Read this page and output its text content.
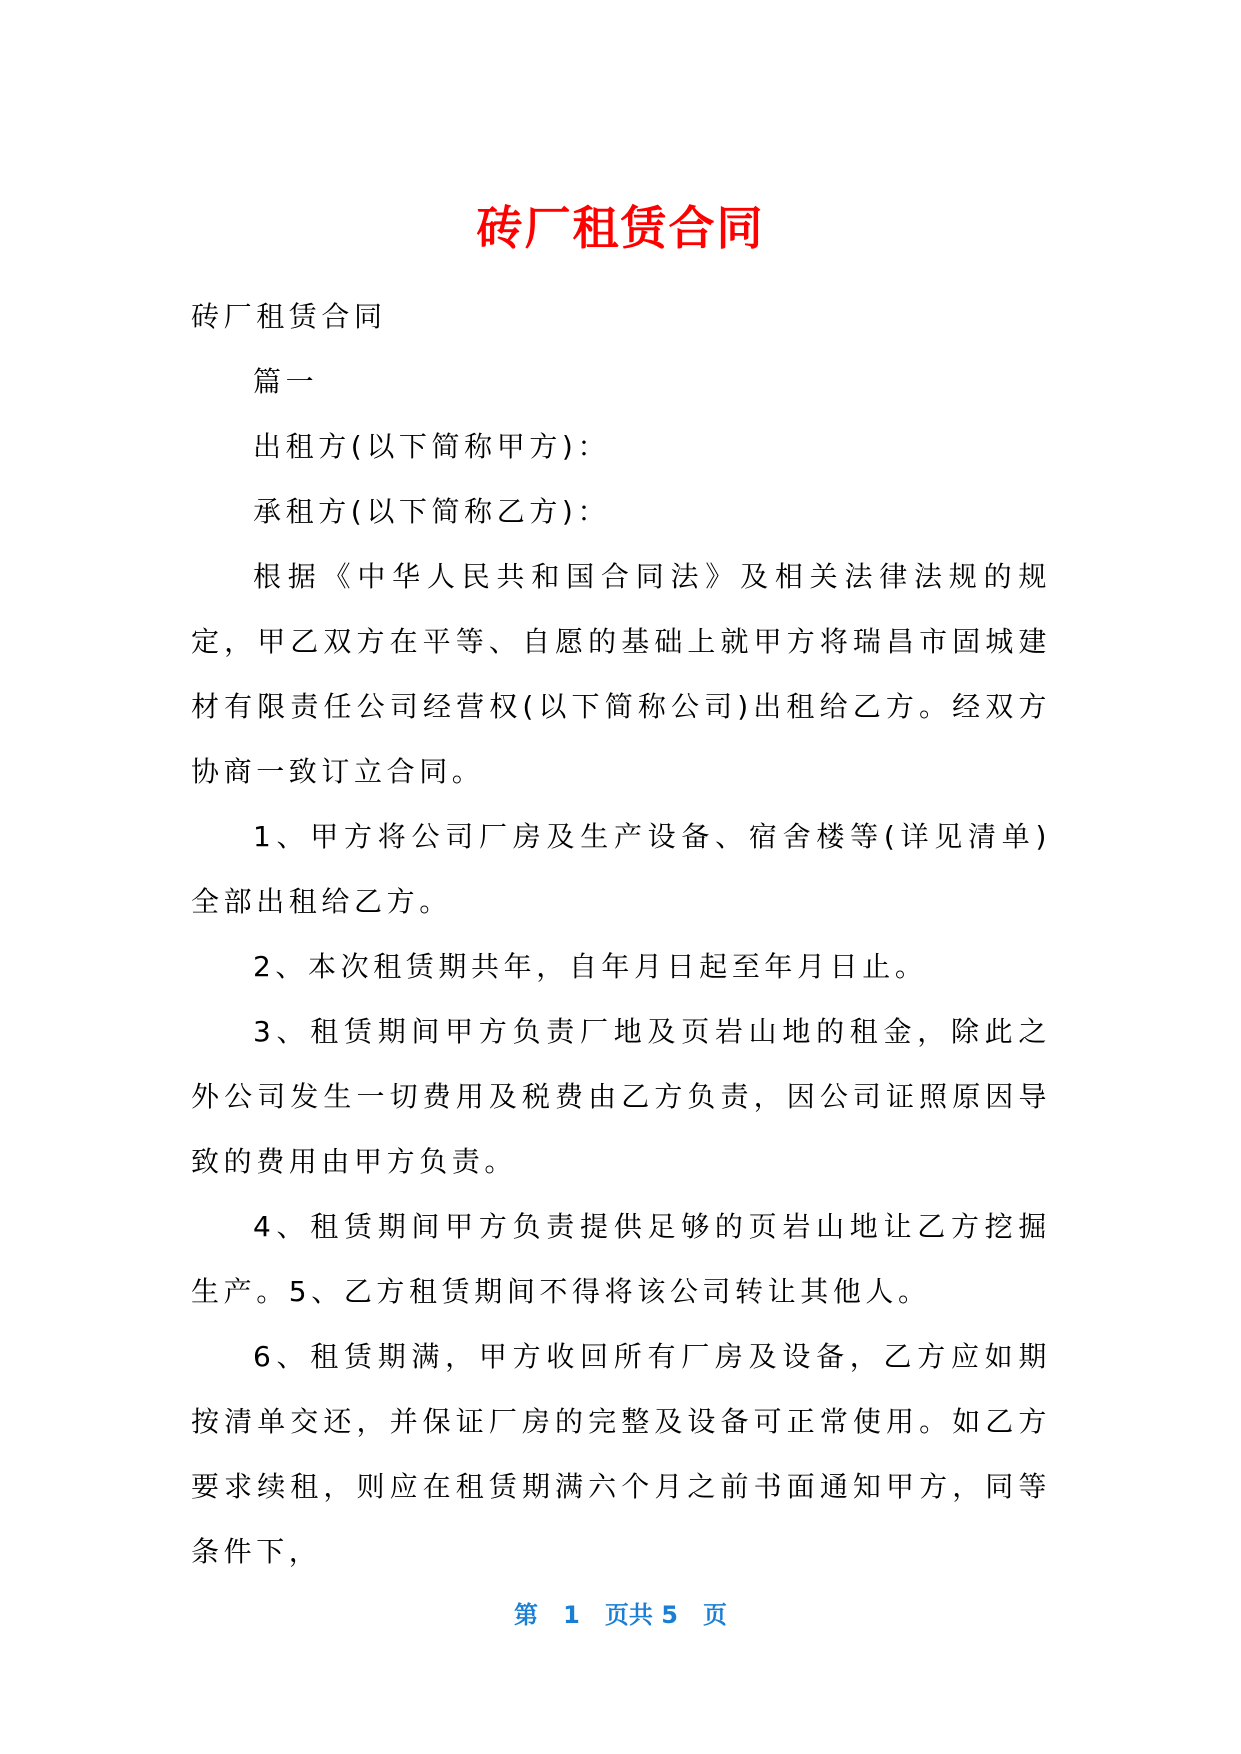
砖厂租赁合同

砖厂租赁合同

篇一

出租方(以下简称甲方)：

承租方(以下简称乙方)：

根据《中华人民共和国合同法》及相关法律法规的规定，甲乙双方在平等、自愿的基础上就甲方将瑞昌市固城建材有限责任公司经营权(以下简称公司)出租给乙方。经双方协商一致订立合同。

1、甲方将公司厂房及生产设备、宿舍楼等(详见清单)全部出租给乙方。

2、本次租赁期共年，自年月日起至年月日止。

3、租赁期间甲方负责厂地及页岩山地的租金，除此之外公司发生一切费用及税费由乙方负责，因公司证照原因导致的费用由甲方负责。

4、租赁期间甲方负责提供足够的页岩山地让乙方挖掘生产。5、乙方租赁期间不得将该公司转让其他人。

6、租赁期满，甲方收回所有厂房及设备，乙方应如期按清单交还，并保证厂房的完整及设备可正常使用。如乙方要求续租，则应在租赁期满六个月之前书面通知甲方，同等条件下，

第 1 页共 5 页
